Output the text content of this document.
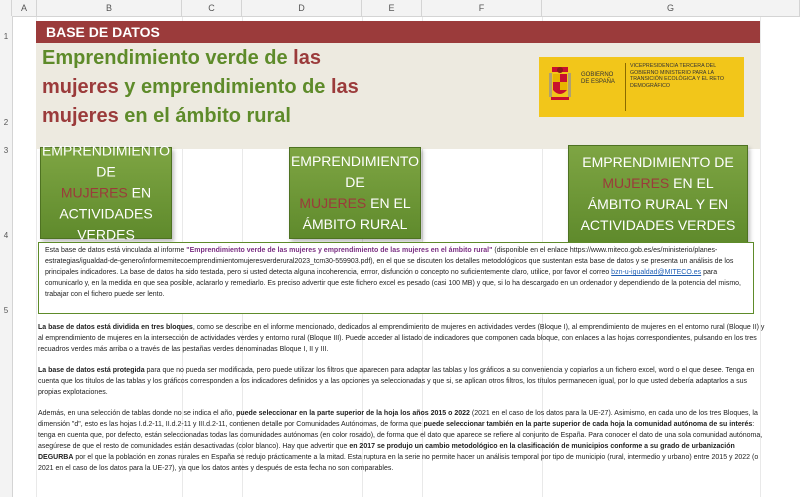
A	B	C	D	E	F	G
1
2
3
4
5
BASE DE DATOS
Emprendimiento verde de las mujeres y emprendimiento de las mujeres en el ámbito rural
GOBIERNO DE ESPAÑA
VICEPRESIDENCIA TERCERA DEL GOBIERNO MINISTERIO PARA LA TRANSICIÓN ECOLÓGICA Y EL RETO DEMOGRÁFICO
EMPRENDIMIENTO DE
MUJERES EN
ACTIVIDADES VERDES
EMPRENDIMIENTO DE
MUJERES EN EL
ÁMBITO RURAL
EMPRENDIMIENTO DE
MUJERES EN EL
ÁMBITO RURAL Y EN
ACTIVIDADES VERDES
Esta base de datos está vinculada al informe "Emprendimiento verde de las mujeres y emprendimiento de las mujeres en el ámbito rural" (disponible en el enlace https://www.miteco.gob.es/es/ministerio/planes-estrategias/igualdad-de-genero/informemitecoemprendimientomujeresverderural2023_tcm30-559903.pdf), en el que se discuten los detalles metodológicos que sustentan esta base de datos y se presenta un análisis de los principales indicadores. La base de datos ha sido testada, pero si usted detecta alguna incoherencia, errror, disfunción o concepto no suficientemente claro, utilice, por favor el correo bzn-u-igualdad@MITECO.es para comunicarlo y, en la medida en que sea posible, aclararlo y remediarlo. Es preciso advertir que este fichero excel es pesado (casi 100 MB) y que, si lo ha descargado en un ordenador y dependiendo de la potencia del mismo, trabajar con el fichero puede ser lento.
La base de datos está dividida en tres bloques, como se describe en el informe mencionado, dedicados al emprendimiento de mujeres en actividades verdes (Bloque I), al emprendimiento de mujeres en el entorno rural (Bloque II) y al emprendimiento de mujeres en la intersección de actividades verdes y entorno rural (Bloque III). Puede acceder al listado de indicadores que componen cada bloque, con enlaces a las hojas correspondientes, pulsando en los tres recuadros verdes más arriba o a través de las pestañas verdes denominadas Bloque I, II y III.
La base de datos está protegida para que no pueda ser modificada, pero puede utilizar los filtros que aparecen para adaptar las tablas y los gráficos a su conveniencia y copiarlos a un fichero excel, word o el que desee. Tenga en cuenta que los títulos de las tablas y los gráficos corresponden a los indicadores definidos y a las opciones ya seleccionadas y que si, se aplican otros filtros, los títulos permanecen igual, por lo que usted debería adaptarlos a sus propias explotaciones.
Además, en una selección de tablas donde no se indica el año, puede seleccionar en la parte superior de la hoja los años 2015 o 2022 (2021 en el caso de los datos para la UE-27). Asimismo, en cada uno de los tres Bloques, la dimensión "d", esto es las hojas I.d.2-11, II.d.2-11 y III.d.2-11, contienen detalle por Comunidades Autónomas, de forma que puede seleccionar también en la parte superior de cada hoja la comunidad autónoma de su interés: tenga en cuenta que, por defecto, están seleccionadas todas las comunidades autónomas (en color rosado), de forma que el dato que aparece se refiere al conjunto de España. Para conocer el dato de una sola comunidad autónoma, asegúrese de que el resto de comunidades están desactivadas (color blanco). Hay que advertir que en 2017 se produjo un cambio metodológico en la clasificación de municipios conforme a su grado de urbanización DEGURBA por el que la población en zonas rurales en España se redujo prácticamente a la mitad. Esta ruptura en la serie no permite hacer un análisis temporal por tipo de municipio (rural, intermedio y urbano) entre 2015 y 2022 (o 2021 en el caso de los datos para la UE-27), ya que los datos antes y después de esta fecha no son comparables.
